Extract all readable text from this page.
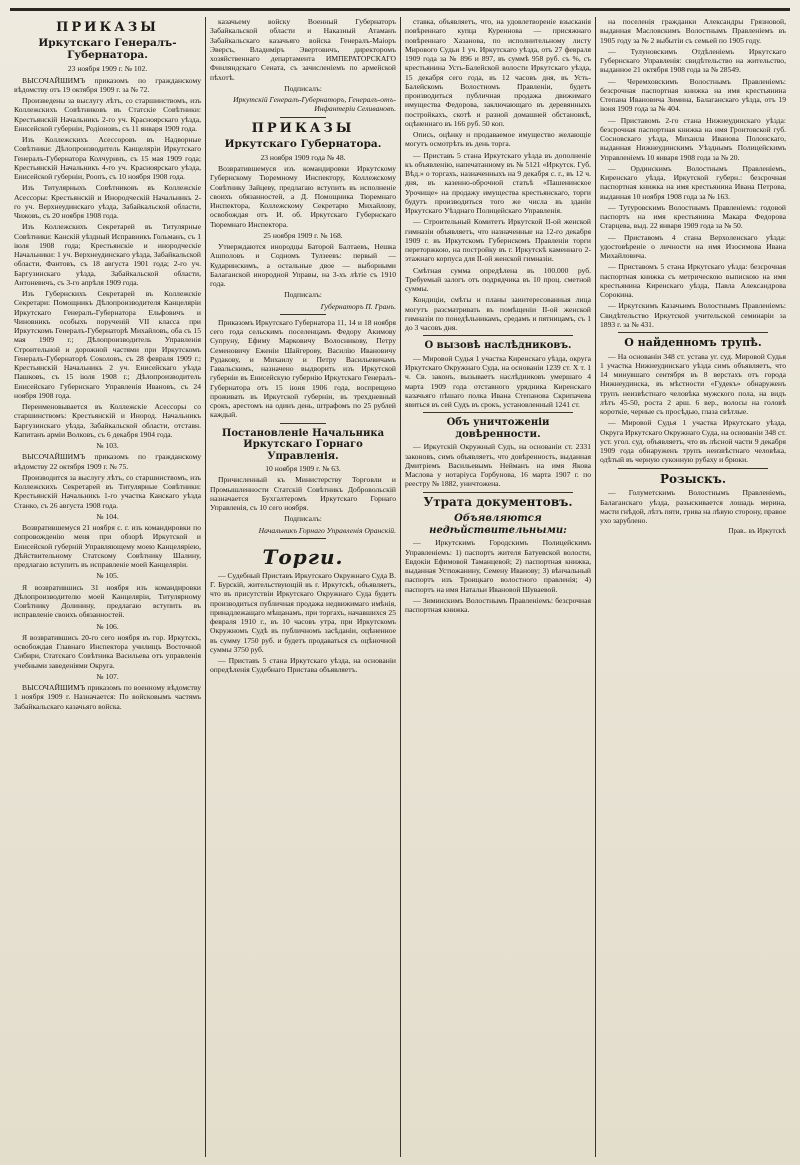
ПРИКАЗЫ
Иркутскаго Генералъ-Губернатора.

23 ноября 1909 г. № 102.

ВЫСОЧАЙШИМЪ приказомъ по гражданскому вѣдомству отъ 19 октября 1909 г. за № 72.

Произведены за выслугу лѣтъ, со старшинствомъ, изъ Коллежскихъ Совѣтниковъ въ Статскіе Совѣтники: Крестьянскій Начальникъ 2-го уч. Красноярскаго уѣзда, Енисейской губерніи, Родіоновъ, съ 11 января 1909 года.

Изъ Коллежскихъ Асессоровъ въ Надворные Совѣтники: Дѣлопроизводитель Канцеляріи Иркутскаго Генералъ-Губернатора Колчуринъ, съ 15 мая 1909 года; Крестьянскій Начальникъ 4-го уч. Красноярскаго уѣзда, Енисейской губерніи, Роопъ, съ 10 ноября 1908 года.

Изъ Титулярныхъ Совѣтниковъ въ Коллежскіе Асессоры: Крестьянскій и Инородческій Начальникъ 2-го уч. Верхнеудинскаго уѣзда, Забайкальской области, Чижовъ, съ 20 ноября 1908 года.

Изъ Коллежскихъ Секретарей въ Титулярные Совѣтники: Канскій уѣздный Исправникъ Гольманъ, съ 1 іюля 1908 года; Крестьянскіе и инородческіе Начальники: 1 уч. Верхнеудинскаго уѣзда, Забайкальской области, Фантовъ, съ 18 августа 1901 года; 2-го уч. Баргузинскаго уѣзда, Забайкальской области, Антоневичъ, съ 3-го апрѣля 1909 года.

Изъ Губернскихъ Секретарей въ Коллежскіе Секретари: Помощникъ Дѣлопроизводителя Канцеляріи Иркутскаго Генералъ-Губернатора Ельфовичъ и Чиновникъ особыхъ порученій VII класса при Иркутскомъ Генералъ-Губернаторѣ Михайловъ, оба съ 15 мая 1909 г.; Дѣлопроизводитель Управленія Строительной и дорожной частями при Иркутскомъ Генералъ-Губернаторѣ Соколовъ, съ 28 февраля 1909 г.; Крестьянскій Начальникъ 2 уч. Енисейскаго уѣзда Пашковъ, съ 15 іюля 1908 г.; Дѣлопроизводитель Енисейскаго Губернскаго Управленія Ивановъ, съ 24 ноября 1908 года.

Переименовывается въ Коллежскіе Асессоры со старшинствомъ: Крестьянскій и Инород. Начальникъ Баргузинскаго уѣзда, Забайкальской области, отставн. Капитанъ арміи Волковъ, съ 6 декабря 1904 года.

№ 103.

ВЫСОЧАЙШИМЪ приказомъ по гражданскому вѣдомству 22 октября 1909 г. № 75.

Производится за выслугу лѣтъ, со старшинствомъ, изъ Коллежскихъ Секретарей въ Титулярные Совѣтники: Крестьянскій Начальникъ 1-го участка Канскаго уѣзда Станко, съ 26 августа 1908 года.

№ 104.

Возвратившемуся 21 ноября с. г. изъ командировки по сопровожденію меня при обзорѣ Иркутской и Енисейской губерній Управляющему моею Канцеляріею, Дѣйствительному Статскому Совѣтнику Шалину, предлагаю вступить въ исправленіе моей Канцеляріи.

№ 105.

Я возвратившись 31 ноября изъ командировки Дѣлопроизводителю моей Канцеляріи, Титулярному Совѣтнику Долинину, предлагаю вступить въ исправленіе своихъ обязанностей.

№ 106.

Я возвратившись 20-го сего ноября въ гор. Иркутскъ, освобождая Главнаго Инспектора училищъ Восточной Сибири, Статскаго Совѣтника Васильева отъ управленія учебными заведеніями Округа.

№ 107.

ВЫСОЧАЙШИМЪ приказомъ по военному вѣдомству 1 ноября 1909 г. Назначается: По войсковымъ частямъ Забайкальскаго казачьяго войска.

казачьему войску Военный Губернаторъ Забайкальской области и Наказный Атаманъ Забайкальскаго казачьяго войска Генералъ-Маіоръ Эверсъ, Владиміръ Эвертовичъ, директоромъ хозяйственнаго департамента ИМПЕРАТОРСКАГО Финляндскаго Сената, съ зачисленіемъ по армейской пѣхотѣ.

Подписалъ:

Иркутскій Генералъ-Губернаторъ, Генералъ-отъ-Инфантеріи Селивановъ.

ПРИКАЗЫ
Иркутскаго Губернатора.

23 ноября 1909 года № 48.

Возвратившемуся изъ командировки Иркутскому Губернскому Тюремному Инспектору, Коллежскому Совѣтнику Зайцеву, предлагаю вступить въ исполненіе своихъ обязанностей, а Д. Помощника Тюремнаго Инспектора, Коллежскому Секретарю Михайлову, освобождая отъ И. об. Иркутскаго Губернскаго Тюремнаго Инспектора.

25 ноября 1909 г. № 168.

Утверждаются инородцы Баторой Балтаевъ, Нешка Ашполовъ и Содномъ Тулзеевъ: первый — Кударинскимъ, а остальные двое — выборными Балаганской инородной Управы, на 3-хъ лѣтіе съ 1910 года.

Подписалъ:

Губернаторъ П. Гранъ.

Приказомъ Иркутскаго Губернатора 11, 14 и 18 ноября сего года сельскимъ поселенцамъ Федору Акимову Супруну, Ефиму Марковичу Волосникову, Петру Семеновичу Еженіи Шайгерову, Василію Ивановичу Рудакову, и Михаилу и Петру Васильевичамъ Гавальскимъ, назначено выдворить изъ Иркутской губерніи въ Енисейскую губернію Иркутскаго Генералъ-Губернатора отъ 15 іюня 1906 года, воспрещено проживать въ Иркутской губерніи, въ трехдневный срокъ, арестомъ на одинъ день, штрафомъ по 25 рублей каждый.

Постановленіе Начальника Иркутскаго Горнаго Управленія.

10 ноября 1909 г. № 63.

Причисленный къ Министерству Торговли и Промышленности Статскій Совѣтникъ Добровольскій назначается Бухгалтеромъ Иркутскаго Горнаго Управленія, съ 10 сего ноября.

Подписалъ:

Начальникъ Горнаго Управленія Оранскій.

Торги.

— Судебный Приставъ Иркутскаго Окружнаго Суда В. Г. Бурскій, жительствующій въ г. Иркутскѣ, объявляетъ, что въ присутствіи Иркутскаго Окружнаго Суда будетъ производиться публичная продажа недвижимаго имѣнія, принадлежащаго мѣщанамъ, при торгахъ, начавшихся 25 февраля 1910 г., въ 10 часовъ утра, при Иркутскомъ Окружномъ Судѣ въ публичномъ засѣданіи, оцѣненное въ сумму 1750 руб. и будетъ продаваться съ оцѣночной суммы 3750 руб.

— Приставъ 5 стана Иркутскаго уѣзда, на основаніи опредѣленія Судебнаго Пристава объявляетъ.

ставка, объявляетъ, что, на удовлетвореніе взысканія повѣреннаго купца Куреннова — присяжнаго повѣреннаго Хазанова, по исполнительному листу Мирового Судьи 1 уч. Иркутскаго уѣзда, отъ 27 февраля 1909 года за № 896 и 897, въ суммѣ 958 руб. съ %, съ крестьянина Усть-Балейской волости Иркутскаго уѣзда, 15 декабря сего года, въ 12 часовъ дня, въ Усть-Балейскомъ Волостномъ Правленіи, будетъ производиться публичная продажа движимаго имущества Федорова, заключающаго въ деревянныхъ постройкахъ, скотѣ и разной домашней обстановкѣ, оцѣненнаго въ 166 руб. 50 коп.

Опись, оцѣнку и продаваемое имущество желающіе могутъ осмотрѣть въ день торга.

— Приставъ 5 стана Иркутскаго уѣзда въ дополненіе къ объявленію, напечатанному въ № 5121 «Иркутск. Губ. Вѣд.» о торгахъ, назначенныхъ на 9 декабря с. г., въ 12 ч. дня, въ казенно-оброчной статьѣ «Пашенинское Урочище» на продажу имущества крестьянскаго, торги будутъ производиться того же числа въ зданіи Иркутскаго Уѣзднаго Полицейскаго Управленія.

— Строительный Комитетъ Иркутской II-ой женской гимназіи объявляетъ, что назначенные на 12-го декабря 1909 г. въ Иркутскомъ Губернскомъ Правленіи торги переторжкою, на постройку въ г. Иркутскѣ каменнаго 2-этажнаго корпуса для II-ой женской гимназіи.

Смѣтная сумма опредѣлена въ 100.000 руб. Требуемый залогъ отъ подрядчика въ 10 проц. сметной суммы.

Кондиціи, смѣты и планы заинтересованныя лица могутъ разсматривать въ помѣщеніи II-ой женской гимназіи по понедѣльникамъ, средамъ и пятницамъ, съ 1 до 3 часовъ дня.

О вызовѣ наслѣдниковъ.

— Мировой Судья 1 участка Киренскаго уѣзда, округа Иркутскаго Окружнаго Суда, на основаніи 1239 ст. X т. 1 ч. Св. законъ, вызываетъ наслѣдниковъ умершаго 4 марта 1909 года отставного урядника Киренскаго казачьяго пѣшаго полка Ивана Степанова Скрипачева явиться въ сей Судъ въ срокъ, установленный 1241 ст.

Объ уничтоженіи довѣренности.

— Иркутскій Окружный Судъ, на основаніи ст. 2331 законовъ, симъ объявляетъ, что довѣренность, выданная Дмитріемъ Васильевымъ Нейманъ на имя Якова Маслова у нотаріуса Горбунова, 16 марта 1907 г. по реестру № 1882, уничтожена.

Утрата документовъ.
Объявляются недѣйствительными:

— Иркутскимъ Городскимъ Полицейскимъ Управленіемъ: 1) паспортъ жителя Батуевской волости, Евдокіи Ефимовой Таманцевой; 2) паспортная книжка, выданная Устюжанину, Семену Иванову; 3) вѣнчальный паспортъ изъ Троицкаго волостного правленія; 4) паспортъ на имя Натальи Ивановой Шуваевой.

— Зиминскимъ Волостнымъ Правленіемъ: безсрочная паспортная книжка.

на поселенія гражданки Александры Грязновой, выданная Масловскимъ Волостнымъ Правленіемъ въ 1905 году за № 2 выбытіи съ семьей по 1905 году.

— Тулуновскимъ Отдѣленіемъ Иркутскаго Губернскаго Управленія: свидѣтельство на жительство, выданное 21 октября 1908 года за № 28549.

— Черемховскимъ Волостнымъ Правленіемъ: безсрочная паспортная книжка на имя крестьянина Степана Ивановича Зимина, Балаганскаго уѣзда, отъ 19 іюня 1909 года за № 404.

— Приставомъ 2-го стана Нижнеудинскаго уѣзда: безсрочная паспортная книжка на имя Гронтовской губ. Сосновскаго уѣзда, Михаила Иванова Полонскаго, выданная Нижнеудинскимъ Уѣзднымъ Полицейскимъ Управленіемъ 10 января 1908 года за № 20.

— Ординскимъ Волостнымъ Правленіемъ, Киренскаго уѣзда, Иркутской губерн.: безсрочная паспортная книжка на имя крестьянина Ивана Петрова, выданная 10 ноября 1908 года за № 163.

— Тутуровскимъ Волостнымъ Правленіемъ: годовой паспортъ на имя крестьянина Макара Федорова Старцева, выд. 22 января 1909 года за № 50.

— Приставомъ 4 стана Верхоленскаго уѣзда: удостовѣреніе о личности на имя Изосимова Ивана Михайловича.

— Приставомъ 5 стана Иркутскаго уѣзда: безсрочная паспортная книжка съ метрическою выпискою на имя крестьянина Киренскаго уѣзда, Павла Александрова Сорокина.

— Иркутскимъ Казачьимъ Волостнымъ Правленіемъ: Свидѣтельство Иркутской учительской семинаріи за 1893 г. за № 431.

О найденномъ трупѣ.

— На основаніи 348 ст. устава уг. суд. Мировой Судья 1 участка Нижнеудинскаго уѣзда симъ объявляетъ, что 14 минувшаго сентября въ 8 верстахъ отъ города Нижнеудинска, въ мѣстности «Гудекъ» обнаруженъ трупъ неизвѣстнаго человѣка мужского пола, на видъ лѣтъ 45-50, роста 2 арш. 6 вер., волосы на головѣ короткіе, черные съ просѣдью, глаза свѣтлые.

— Мировой Судья 1 участка Иркутскаго уѣзда, Округа Иркутскаго Окружнаго Суда, на основаніи 348 ст. уст. угол. суд. объявляетъ, что въ лѣсной части 9 декабря 1909 года обнаруженъ трупъ неизвѣстнаго человѣка, одѣтый въ черную суконную рубаху и брюки.

Розыскъ.

— Голуметскимъ Волостнымъ Правленіемъ, Балаганскаго уѣзда, разыскивается лошадь мерина, масти гнѣдой, лѣтъ пяти, грива на лѣвую сторону, правое ухо зарублено.

Прав.. въ Иркутскѣ
